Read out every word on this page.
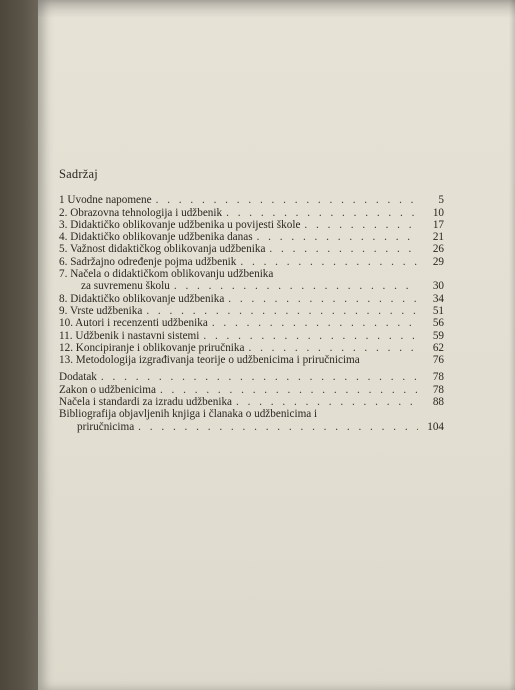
Sadržaj
1 Uvodne napomene . . .	5
2. Obrazovna tehnologija i udžbenik . . .	10
3. Didaktičko oblikovanje udžbenika u povijesti škole . . .	17
4. Didaktičko oblikovanje udžbenika danas . . .	21
5. Važnost didaktičkog oblikovanja udžbenika . . .	26
6. Sadržajno određenje pojma udžbenik . . .	29
7. Načela o didaktičkom oblikovanju udžbenika
za suvremenu školu . . .	30
8. Didaktičko oblikovanje udžbenika . . .	34
9. Vrste udžbenika . . .	51
10. Autori i recenzenti udžbenika . . .	56
11. Udžbenik i nastavni sistemi . . .	59
12. Koncipiranje i oblikovanje priručnika . . .	62
13. Metodologija izgrađivanja teorije o udžbenicima i priručnicima	76
Dodatak . . .	78
Zakon o udžbenicima . . .	78
Načela i standardi za izradu udžbenika . . .	88
Bibliografija objavljenih knjiga i članaka o udžbenicima i
priručnicima . . .	104
